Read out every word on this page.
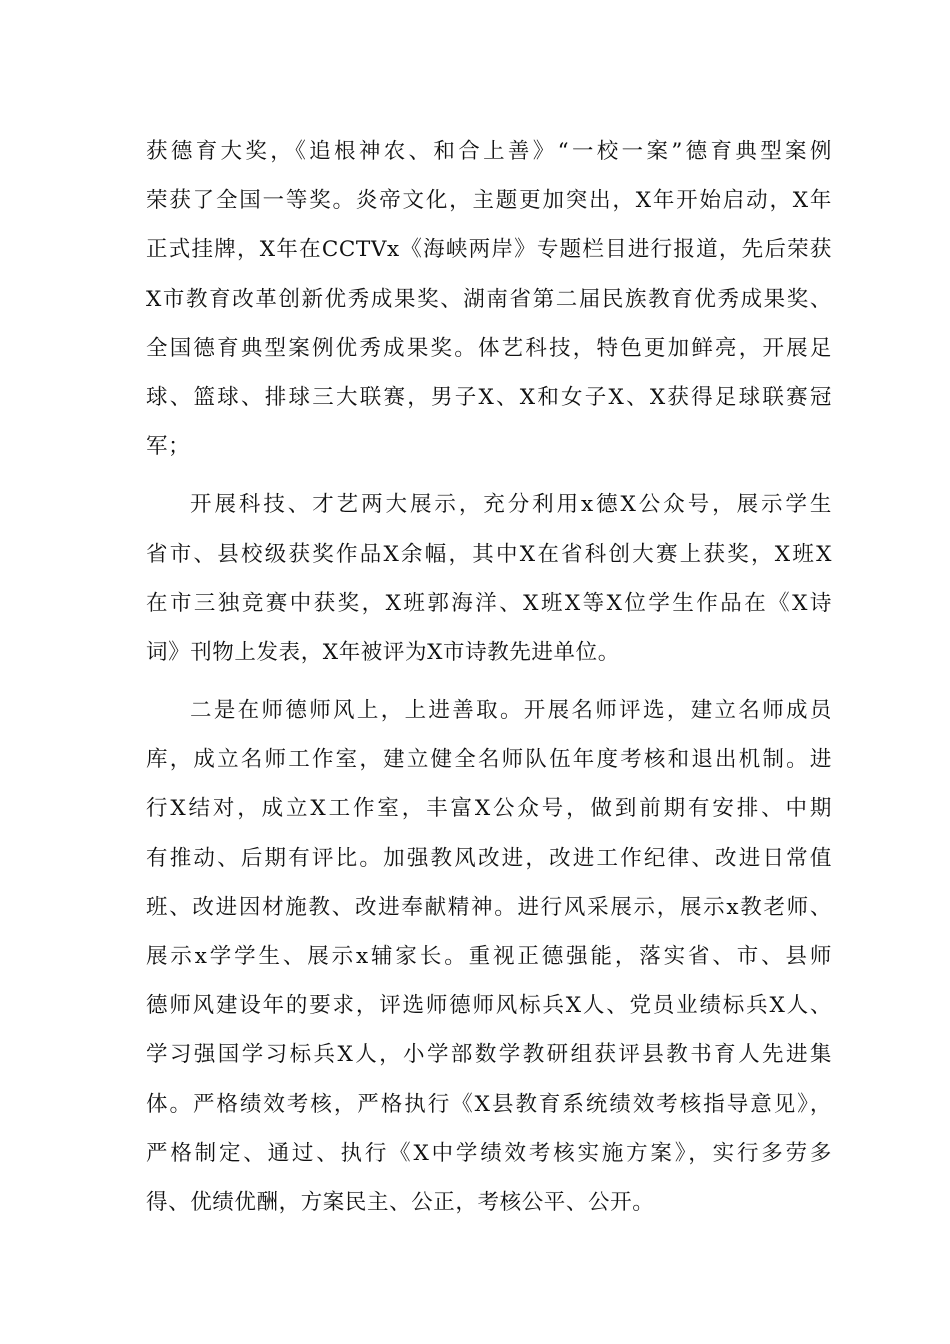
获德育大奖，《追根神农、和合上善》“一校一案”德育典型案例
荣获了全国一等奖。炎帝文化，主题更加突出，X年开始启动，X年
正式挂牌，X年在CCTVx《海峡两岸》专题栏目进行报道，先后荣获
X市教育改革创新优秀成果奖、湖南省第二届民族教育优秀成果奖、
全国德育典型案例优秀成果奖。体艺科技，特色更加鲜亮，开展足
球、篮球、排球三大联赛，男子X、X和女子X、X获得足球联赛冠
军；
开展科技、才艺两大展示，充分利用x德X公众号，展示学生
省市、县校级获奖作品X余幅，其中X在省科创大赛上获奖，X班X
在市三独竞赛中获奖，X班郭海洋、X班X等X位学生作品在《X诗
词》刊物上发表，X年被评为X市诗教先进单位。
二是在师德师风上，上进善取。开展名师评选，建立名师成员
库，成立名师工作室，建立健全名师队伍年度考核和退出机制。进
行X结对，成立X工作室，丰富X公众号，做到前期有安排、中期
有推动、后期有评比。加强教风改进，改进工作纪律、改进日常值
班、改进因材施教、改进奉献精神。进行风采展示，展示x教老师、
展示x学学生、展示x辅家长。重视正德强能，落实省、市、县师
德师风建设年的要求，评选师德师风标兵X人、党员业绩标兵X人、
学习强国学习标兵X人，小学部数学教研组获评县教书育人先进集
体。严格绩效考核，严格执行《X县教育系统绩效考核指导意见》，
严格制定、通过、执行《X中学绩效考核实施方案》，实行多劳多
得、优绩优酬，方案民主、公正，考核公平、公开。
